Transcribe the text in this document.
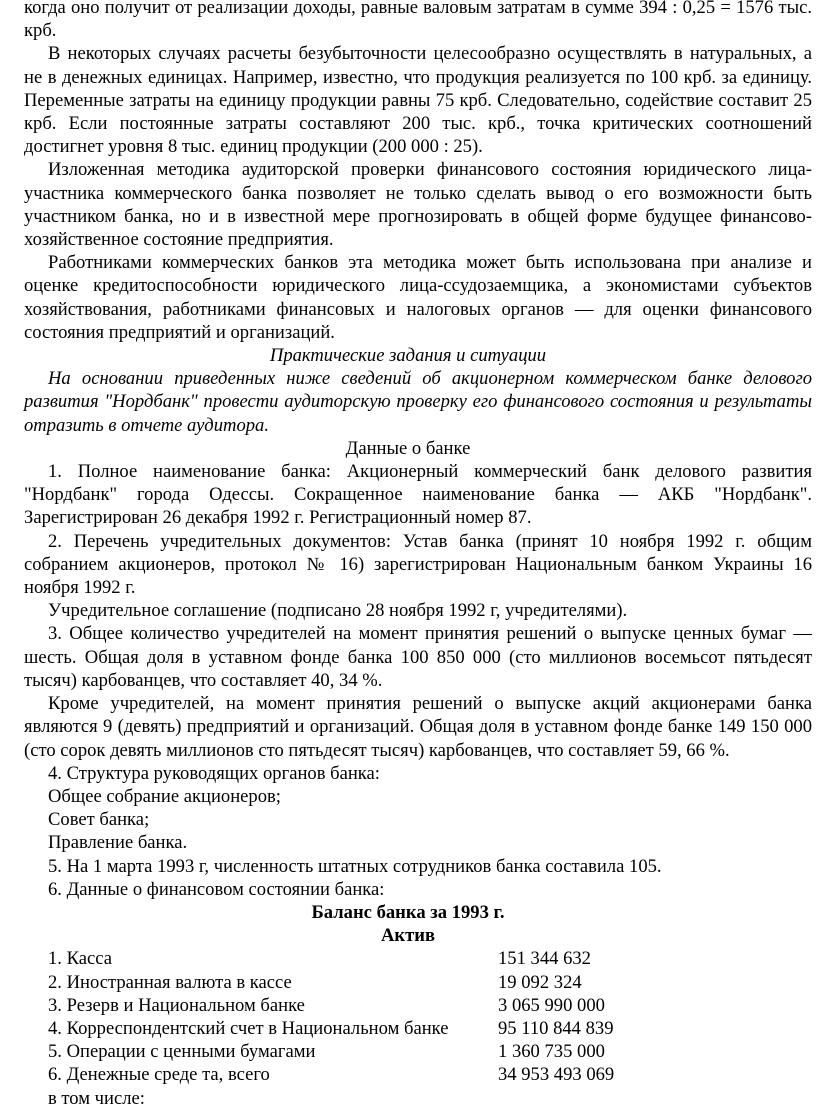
когда оно получит от реализации доходы, равные валовым затратам в сумме 394 : 0,25 = 1576 тыс. крб.

В некоторых случаях расчеты безубыточности целесообразно осуществлять в натуральных, а не в денежных единицах. Например, известно, что продукция реализуется по 100 крб. за единицу. Переменные затраты на единицу продукции равны 75 крб. Следовательно, содействие составит 25 крб. Если постоянные затраты составляют 200 тыс. крб., точка критических соотношений достигнет уровня 8 тыс. единиц продукции (200 000 : 25).

Изложенная методика аудиторской проверки финансового состояния юридического лица-участника коммерческого банка позволяет не только сделать вывод о его возможности быть участником банка, но и в известной мере прогнозировать в общей форме будущее финансово-хозяйственное состояние предприятия.

Работниками коммерческих банков эта методика может быть использована при анализе и оценке кредитоспособности юридического лица-ссудозаемщика, а экономистами субъектов хозяйствования, работниками финансовых и налоговых органов — для оценки финансового состояния предприятий и организаций.

Практические задания и ситуации

На основании приведенных ниже сведений об акционерном коммерческом банке делового развития "Нордбанк" провести аудиторскую проверку его финансового состояния и результаты отразить в отчете аудитора.

Данные о банке

1. Полное наименование банка: Акционерный коммерческий банк делового развития "Нордбанк" города Одессы. Сокращенное наименование банка — АКБ "Нордбанк". Зарегистрирован 26 декабря 1992 г. Регистрационный номер 87.

2. Перечень учредительных документов: Устав банка (принят 10 ноября 1992 г. общим собранием акционеров, протокол № 16) зарегистрирован Национальным банком Украины 16 ноября 1992 г.

Учредительное соглашение (подписано 28 ноября 1992 г, учредителями).

3. Общее количество учредителей на момент принятия решений о выпуске ценных бумаг — шесть. Общая доля в уставном фонде банка 100 850 000 (сто миллионов восемьсот пятьдесят тысяч) карбованцев, что составляет 40, 34 %.

Кроме учредителей, на момент принятия решений о выпуске акций акционерами банка являются 9 (девять) предприятий и организаций. Общая доля в уставном фонде банке 149 150 000 (сто сорок девять миллионов сто пятьдесят тысяч) карбованцев, что составляет 59, 66 %.

4. Структура руководящих органов банка:

Общее собрание акционеров;

Совет банка;

Правление банка.

5. На 1 марта 1993 г, численность штатных сотрудников банка составила 105.

6. Данные о финансовом состоянии банка:

Баланс банка за 1993 г.

Актив

1. Касса	151 344 632
2. Иностранная валюта в кассе	19 092 324
3. Резерв и Национальном банке	3 065 990 000
4. Корреспондентский счет в Национальном банке	95 110 844 839
5. Операции с ценными бумагами	1 360 735 000
6. Денежные среде та, всего	34 953 493 069

в том числе:
